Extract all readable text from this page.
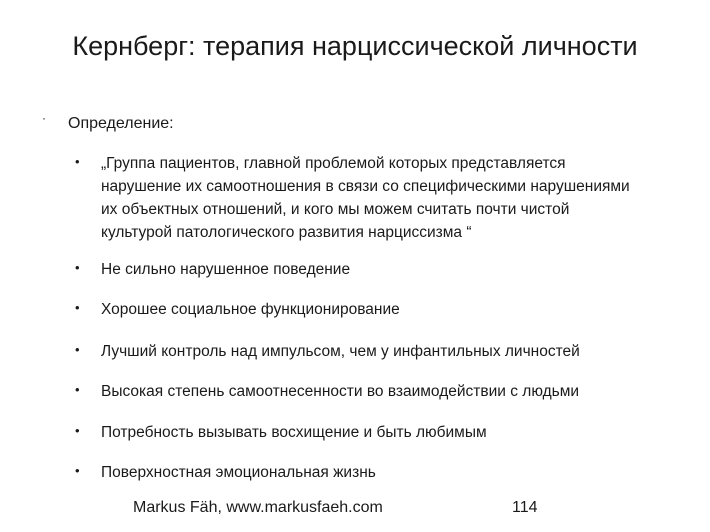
Кернберг: терапия нарциссической личности
· Определение:
• „Группа пациентов, главной проблемой которых представляется
нарушение их самоотношения в связи со специфическими нарушениями
их объектных отношений, и кого мы можем считать почти чистой
культурой патологического развития нарциссизма “
• Не сильно нарушенное поведение
• Хорошее социальное функционирование
• Лучший контроль над импульсом, чем у инфантильных личностей
• Высокая степень самоотнесенности во взаимодействии с людьми
• Потребность вызывать восхищение и быть любимым
• Поверхностная эмоциональная жизнь
Markus Fäh, www.markusfaeh.com	114
